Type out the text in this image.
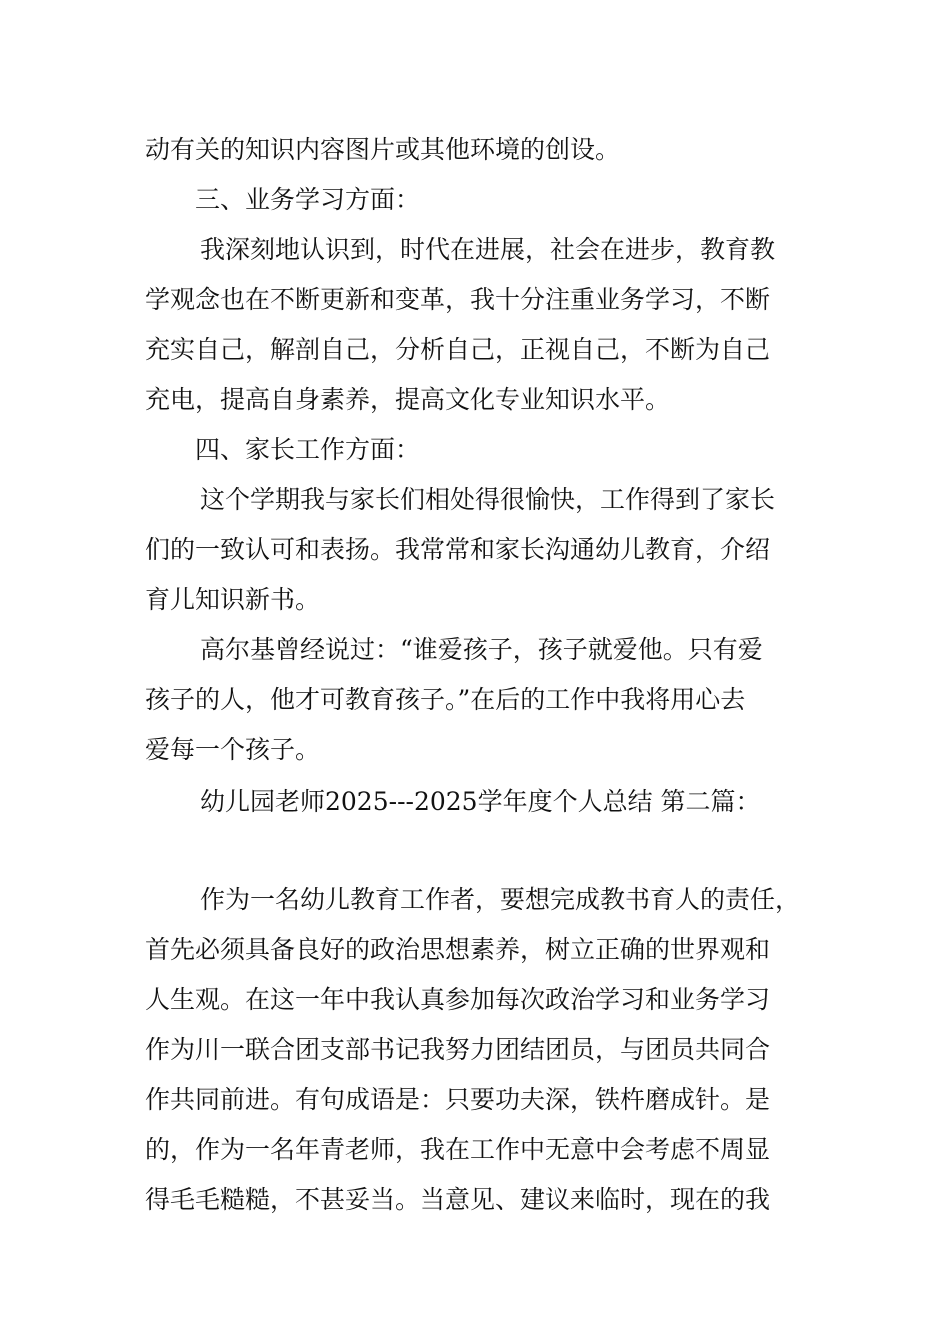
动有关的知识内容图片或其他环境的创设。
三、业务学习方面：
我深刻地认识到，时代在进展，社会在进步，教育教
学观念也在不断更新和变革，我十分注重业务学习，不断
充实自己，解剖自己，分析自己，正视自己，不断为自己
充电，提高自身素养，提高文化专业知识水平。
四、家长工作方面：
这个学期我与家长们相处得很愉快，工作得到了家长
们的一致认可和表扬。我常常和家长沟通幼儿教育，介绍
育儿知识新书。
高尔基曾经说过：“谁爱孩子，孩子就爱他。只有爱
孩子的人，他才可教育孩子。”在后的工作中我将用心去
爱每一个孩子。
幼儿园老师2025---2025学年度个人总结 第二篇：
作为一名幼儿教育工作者，要想完成教书育人的责任，
首先必须具备良好的政治思想素养，树立正确的世界观和
人生观。在这一年中我认真参加每次政治学习和业务学习
作为川一联合团支部书记我努力团结团员，与团员共同合
作共同前进。有句成语是：只要功夫深，铁杵磨成针。是
的，作为一名年青老师，我在工作中无意中会考虑不周显
得毛毛糙糙，不甚妥当。当意见、建议来临时，现在的我
